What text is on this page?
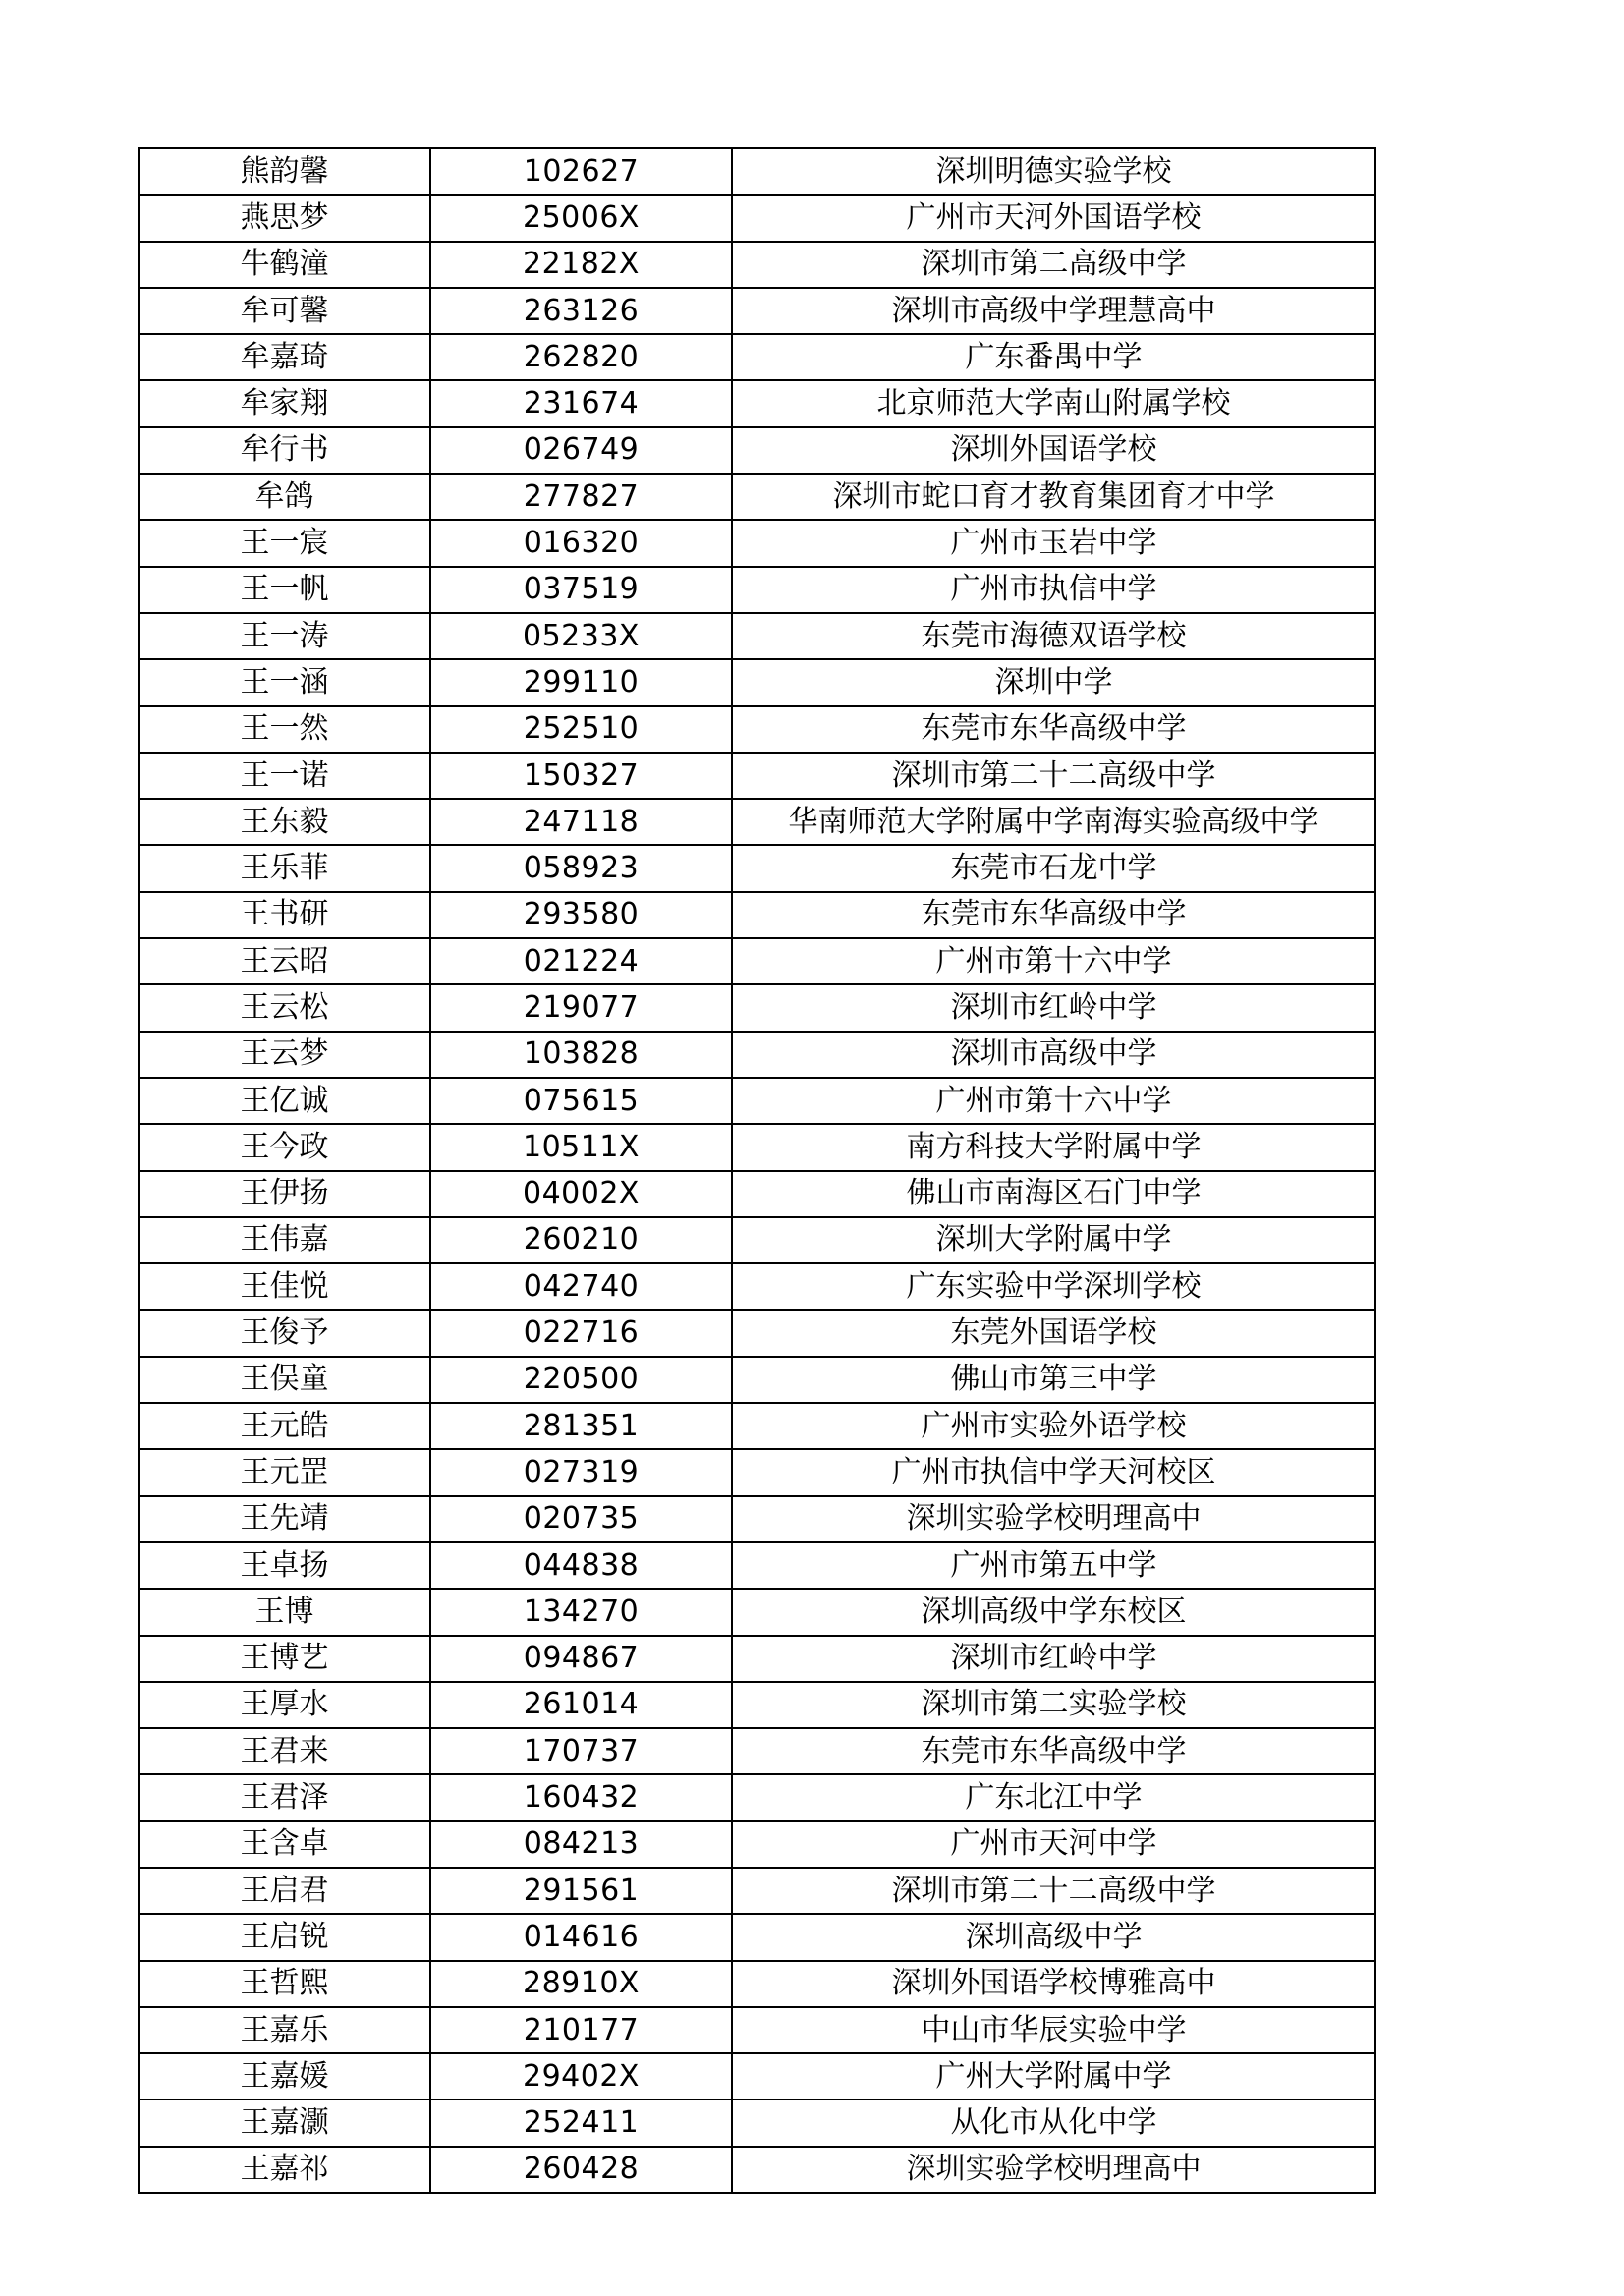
熊韵馨	102627	深圳明德实验学校
燕思梦	25006X	广州市天河外国语学校
牛鹤潼	22182X	深圳市第二高级中学
牟可馨	263126	深圳市高级中学理慧高中
牟嘉琦	262820	广东番禺中学
牟家翔	231674	北京师范大学南山附属学校
牟行书	026749	深圳外国语学校
牟鸽	277827	深圳市蛇口育才教育集团育才中学
王一宸	016320	广州市玉岩中学
王一帆	037519	广州市执信中学
王一涛	05233X	东莞市海德双语学校
王一涵	299110	深圳中学
王一然	252510	东莞市东华高级中学
王一诺	150327	深圳市第二十二高级中学
王东毅	247118	华南师范大学附属中学南海实验高级中学
王乐菲	058923	东莞市石龙中学
王书研	293580	东莞市东华高级中学
王云昭	021224	广州市第十六中学
王云松	219077	深圳市红岭中学
王云梦	103828	深圳市高级中学
王亿诚	075615	广州市第十六中学
王今政	10511X	南方科技大学附属中学
王伊扬	04002X	佛山市南海区石门中学
王伟嘉	260210	深圳大学附属中学
王佳悦	042740	广东实验中学深圳学校
王俊予	022716	东莞外国语学校
王俣童	220500	佛山市第三中学
王元皓	281351	广州市实验外语学校
王元罡	027319	广州市执信中学天河校区
王先靖	020735	深圳实验学校明理高中
王卓扬	044838	广州市第五中学
王博	134270	深圳高级中学东校区
王博艺	094867	深圳市红岭中学
王厚水	261014	深圳市第二实验学校
王君来	170737	东莞市东华高级中学
王君泽	160432	广东北江中学
王含卓	084213	广州市天河中学
王启君	291561	深圳市第二十二高级中学
王启锐	014616	深圳高级中学
王哲熙	28910X	深圳外国语学校博雅高中
王嘉乐	210177	中山市华辰实验中学
王嘉媛	29402X	广州大学附属中学
王嘉灏	252411	从化市从化中学
王嘉祁	260428	深圳实验学校明理高中
